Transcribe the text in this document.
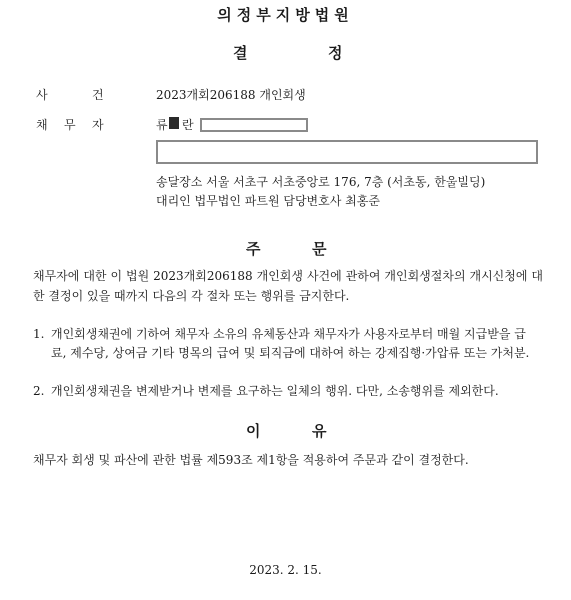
의정부지방법원
결	정
사	건	2023개회206188 개인회생
채 무 자	류 란
송달장소 서울 서초구 서초중앙로 176, 7층 (서초동, 한울빌딩)
대리인 법무법인 파트원 담당변호사 최홍준
주	문
채무자에 대한 이 법원 2023개회206188 개인회생 사건에 관하여 개인회생절차의 개시신청에 대한 결정이 있을 때까지 다음의 각 절차 또는 행위를 금지한다.
1. 개인회생채권에 기하여 채무자 소유의 유체동산과 채무자가 사용자로부터 매월 지급받을 급료, 제수당, 상여금 기타 명목의 급여 및 퇴직금에 대하여 하는 강제집행·가압류 또는 가처분.
2. 개인회생채권을 변제받거나 변제를 요구하는 일체의 행위. 다만, 소송행위를 제외한다.
이	유
채무자 회생 및 파산에 관한 법률 제593조 제1항을 적용하여 주문과 같이 결정한다.
2023. 2. 15.
